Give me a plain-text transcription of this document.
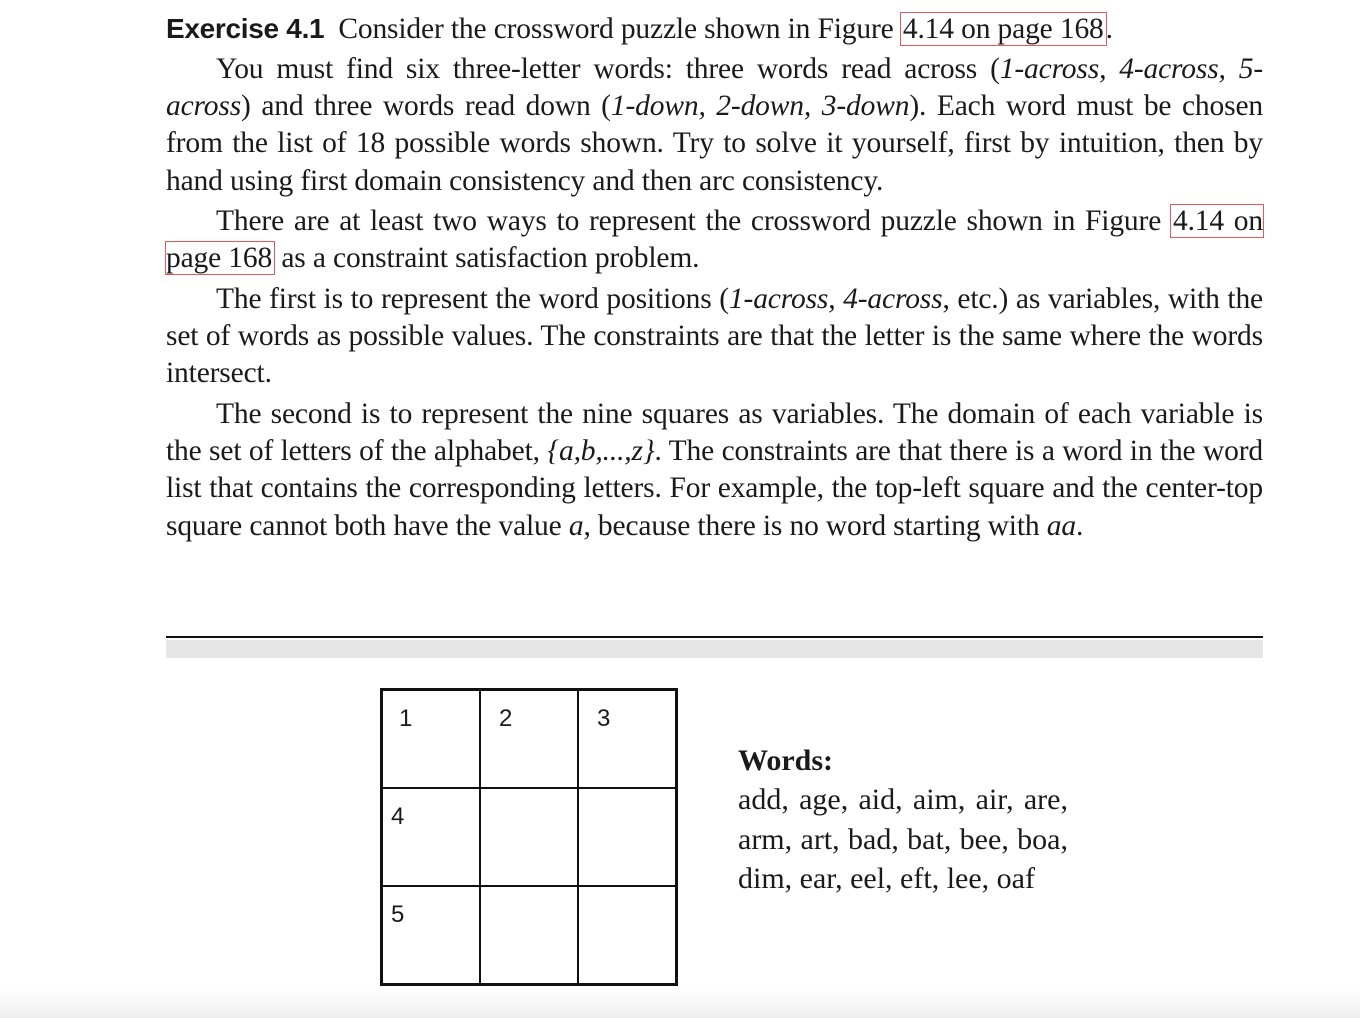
Exercise 4.1 Consider the crossword puzzle shown in Figure 4.14 on page 168.

You must find six three-letter words: three words read across (1-across, 4-across, 5-across) and three words read down (1-down, 2-down, 3-down). Each word must be chosen from the list of 18 possible words shown. Try to solve it yourself, first by intuition, then by hand using first domain consistency and then arc consistency.

There are at least two ways to represent the crossword puzzle shown in Figure 4.14 on page 168 as a constraint satisfaction problem.

The first is to represent the word positions (1-across, 4-across, etc.) as variables, with the set of words as possible values. The constraints are that the letter is the same where the words intersect.

The second is to represent the nine squares as variables. The domain of each variable is the set of letters of the alphabet, {a,b,...,z}. The constraints are that there is a word in the word list that contains the corresponding letters. For example, the top-left square and the center-top square cannot both have the value a, because there is no word starting with aa.

1	2	3
4
5
Words:
add, age, aid, aim, air, are, arm, art, bad, bat, bee, boa, dim, ear, eel, eft, lee, oaf
